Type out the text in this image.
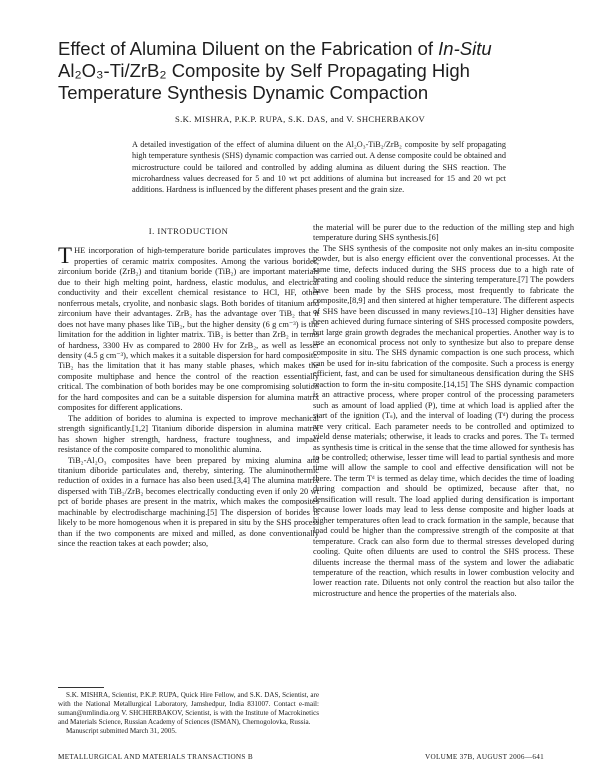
Effect of Alumina Diluent on the Fabrication of In-Situ
Al₂O₃-Ti/ZrB₂ Composite by Self Propagating High
Temperature Synthesis Dynamic Compaction
S.K. MISHRA, P.K.P. RUPA, S.K. DAS, and V. SHCHERBAKOV

A detailed investigation of the effect of alumina diluent on the Al₂O₃-TiB₂/ZrB₂ composite by self propagating high temperature synthesis (SHS) dynamic compaction was carried out. A dense composite could be obtained and microstructure could be tailored and controlled by adding alumina as diluent during the SHS reaction. The microhardness values decreased for 5 and 10 wt pct additions of alumina but increased for 15 and 20 wt pct additions. Hardness is influenced by the different phases present and the grain size.

I. INTRODUCTION

THE incorporation of high-temperature boride particulates improves the properties of ceramic matrix composites. Among the various borides, zirconium boride (ZrB₂) and titanium boride (TiB₂) are important materials due to their high melting point, hardness, elastic modulus, and electrical conductivity and their excellent chemical resistance to HCl, HF, other nonferrous metals, cryolite, and nonbasic slags. Both borides of titanium and zirconium have their advantages. ZrB₂ has the advantage over TiB₂ that it does not have many phases like TiB₂, but the higher density (6 g cm⁻³) is the limitation for the addition in lighter matrix. TiB₂ is better than ZrB₂ in terms of hardness, 3300 Hv as compared to 2800 Hv for ZrB₂, as well as lesser density (4.5 g cm⁻³), which makes it a suitable dispersion for hard composite. TiB₂ has the limitation that it has many stable phases, which makes the composite multiphase and hence the control of the reaction essentially critical. The combination of both borides may be one compromising solution for the hard composites and can be a suitable dispersion for alumina matrix composites for different applications.

The addition of borides to alumina is expected to improve mechanical strength significantly.[1,2] Titanium diboride dispersion in alumina matrix has shown higher strength, hardness, fracture toughness, and impact resistance of the composite compared to monolithic alumina.

TiB₂-Al₂O₃ composites have been prepared by mixing alumina and titanium diboride particulates and, thereby, sintering. The aluminothermic reduction of oxides in a furnace has also been used.[3,4] The alumina matrix dispersed with TiB₂/ZrB₂ becomes electrically conducting even if only 20 wt pct of boride phases are present in the matrix, which makes the composites machinable by electrodischarge machining.[5] The dispersion of borides is likely to be more homogenous when it is prepared in situ by the SHS process than if the two components are mixed and milled, as done conventionally since the reaction takes at each powder; also,

S.K. MISHRA, Scientist, P.K.P. RUPA, Quick Hire Fellow, and S.K. DAS, Scientist, are with the National Metallurgical Laboratory, Jamshedpur, India 831007. Contact e-mail: suman@nmlindia.org V. SHCHERBAKOV, Scientist, is with the Institute of Macrokinetics and Materials Science, Russian Academy of Sciences (ISMAN), Chernogolovka, Russia.

Manuscript submitted March 31, 2005.

the material will be purer due to the reduction of the milling step and high temperature during SHS synthesis.[6]

The SHS synthesis of the composite not only makes an in-situ composite powder, but is also energy efficient over the conventional processes. At the same time, defects induced during the SHS process due to a high rate of heating and cooling should reduce the sintering temperature.[7] The powders have been made by the SHS process, most frequently to fabricate the composite,[8,9] and then sintered at higher temperature. The different aspects of SHS have been discussed in many reviews.[10–13] Higher densities have been achieved during furnace sintering of SHS processed composite powders, but large grain growth degrades the mechanical properties. Another way is to use an economical process not only to synthesize but also to prepare dense composite in situ. The SHS dynamic compaction is one such process, which can be used for in-situ fabrication of the composite. Such a process is energy efficient, fast, and can be used for simultaneous densification during the SHS reaction to form the in-situ composite.[14,15] The SHS dynamic compaction is an attractive process, where proper control of the processing parameters such as amount of load applied (P), time at which load is applied after the start of the ignition (Tₛ), and the interval of loading (Tᵈ) during the process are very critical. Each parameter needs to be controlled and optimized to yield dense materials; otherwise, it leads to cracks and pores. The Tₛ termed as synthesis time is critical in the sense that the time allowed for synthesis has to be controlled; otherwise, lesser time will lead to partial synthesis and more time will allow the sample to cool and effective densification will not be there. The term Tᵈ is termed as delay time, which decides the time of loading during compaction and should be optimized, because after that, no densification will result. The load applied during densification is important because lower loads may lead to less dense composite and higher loads at higher temperatures often lead to crack formation in the sample, because that load could be higher than the compressive strength of the composite at that temperature. Crack can also form due to thermal stresses developed during cooling. Quite often diluents are used to control the SHS process. These diluents increase the thermal mass of the system and lower the adiabatic temperature of the reaction, which results in lower combustion velocity and lower reaction rate. Diluents not only control the reaction but also tailor the microstructure and hence the properties of the materials also.

METALLURGICAL AND MATERIALS TRANSACTIONS B	VOLUME 37B, AUGUST 2006—641
